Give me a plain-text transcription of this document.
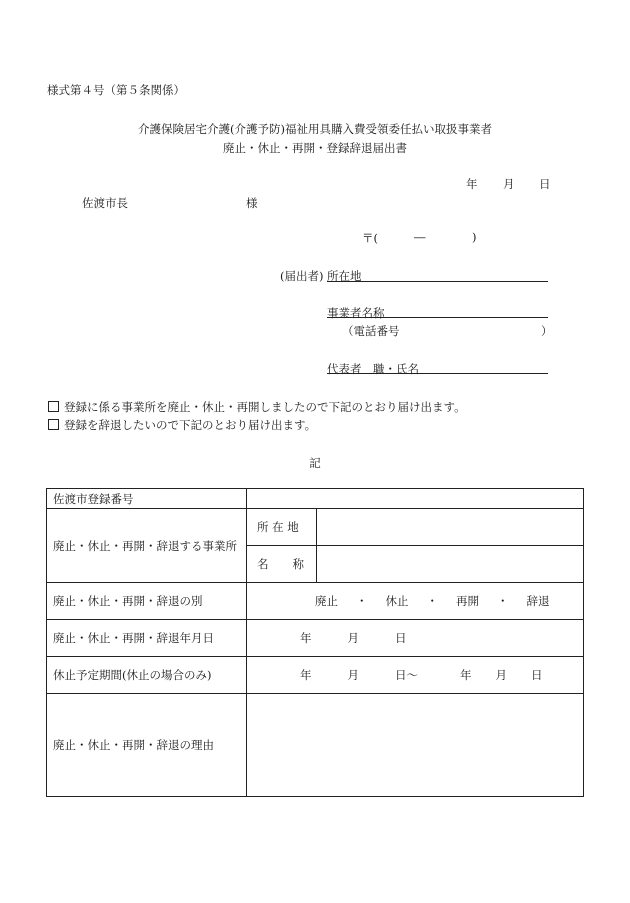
様式第４号（第５条関係）
介護保険居宅介護(介護予防)福祉用具購入費受領委任払い取扱事業者
廃止・休止・再開・登録辞退届出書
年 月 日
佐渡市長	様
〒(	―	)
(届出者) 所在地
事業者名称
（電話番号	）
代表者　職・氏名
登録に係る事業所を廃止・休止・再開しましたので下記のとおり届け出ます。
登録を辞退したいので下記のとおり届け出ます。
記
佐渡市登録番号		
廃止・休止・再開・辞退する事業所	所 在 地	
	名 称	
廃止・休止・再開・辞退の別	廃止 ・ 休止 ・ 再開 ・ 辞退	
廃止・休止・再開・辞退年月日	年 月 日	
休止予定期間(休止の場合のみ)	年 月 日～ 年 月 日	
廃止・休止・再開・辞退の理由		
